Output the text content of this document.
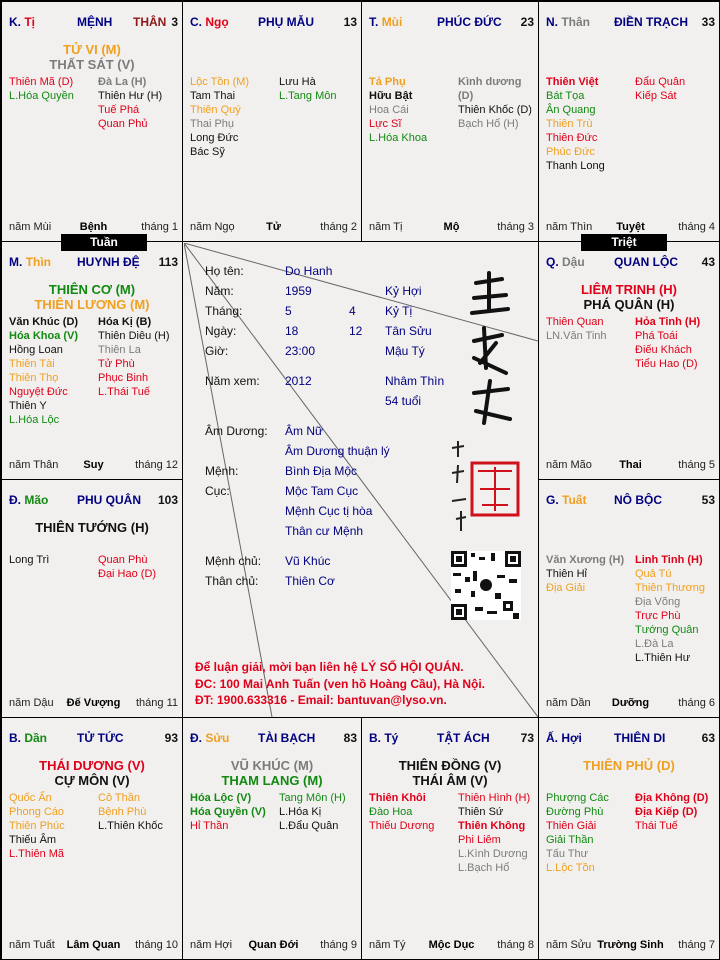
K. Tị	MỆNH THÂN 3
TỬ VI (M)
THẤT SÁT (V)
Thiên Mã (D)
L.Hóa Quyền
Đà La (H)
Thiên Hư (H)
Tuế Phá
Quan Phủ
năm Mùi	Bệnh	tháng 1
C. Ngọ PHỤ MẪU 13
Lộc Tồn (M)
Tam Thai
Thiên Quý
Thai Phụ
Long Đức
Bác Sỹ
Lưu Hà
L.Tang Môn
năm Ngọ	Tử	tháng 2
T. Mùi	PHÚC ĐỨC 23
Tả Phụ
Hữu Bật
Hoa Cái
Lực Sĩ
L.Hóa Khoa
Kình dương (D)
Thiên Khốc (D)
Bạch Hổ (H)
năm Tị	Mộ	tháng 3
N. Thân ĐIỀN TRẠCH 33
Thiên Việt
Bát Tọa
Ân Quang
Thiên Trù
Thiên Đức
Phúc Đức
Thanh Long
Đẩu Quân
Kiếp Sát
năm Thìn	Tuyệt	tháng 4
M. Thìn HUYNH ĐỆ 113
THIÊN CƠ (M)
THIÊN LƯƠNG (M)
Văn Khúc (D)
Hóa Khoa (V)
Hồng Loan
Thiên Tài
Thiên Thọ
Nguyệt Đức
Thiên Y
L.Hóa Lộc
Hóa Kị (B)
Thiên Diêu (H)
Thiên La
Tử Phù
Phục Binh
L.Thái Tuế
năm Thân	Suy	tháng 12
Q. Dậu QUAN LỘC 43
LIÊM TRINH (H)
PHÁ QUÂN (H)
Thiên Quan
LN.Văn Tinh
Hỏa Tinh (H)
Phá Toái
Điếu Khách
Tiểu Hao (D)
năm Mão	Thai	tháng 5
Đ. Mão PHU QUÂN 103
THIÊN TƯỚNG (H)
Long Trì	Quan Phù
Đại Hao (D)
năm Dậu	Đế Vượng	tháng 11
G. Tuất NÔ BỘC	53
Văn Xương (H)
Thiên Hỉ
Địa Giải
Linh Tinh (H)
Quả Tú
Thiên Thương
Địa Võng
Trực Phù
Tướng Quân
L.Đà La
L.Thiên Hư
năm Dần	Dưỡng	tháng 6
B. Dần TỬ TỨC	93
THÁI DƯƠNG (V)
CỰ MÔN (V)
Quốc Ấn
Phong Cáo
Thiên Phúc
Thiếu Âm
L.Thiên Mã
Cô Thần
Bệnh Phù
L.Thiên Khốc
năm Tuất	Lâm Quan	tháng 10
Đ. Sửu TÀI BẠCH 83
VŨ KHÚC (M)
THAM LANG (M)
Hóa Lộc (V)
Hóa Quyền (V)
Hỉ Thần
Tang Môn (H)
L.Hóa Kị
L.Đẩu Quân
năm Hợi	Quan Đới	tháng 9
B. Tý	TẬT ÁCH	73
THIÊN ĐỒNG (V)
THÁI ÂM (V)
Thiên Khôi
Đào Hoa
Thiếu Dương
Thiên Hình (H)
Thiên Sứ
Thiên Không
Phi Liêm
L.Kình Dương
L.Bạch Hổ
năm Tý	Mộc Dục	tháng 8
Ấ. Hợi	THIÊN DI	63
THIÊN PHỦ (D)
Phượng Các
Đường Phù
Thiên Giải
Giải Thần
Tấu Thư
L.Lộc Tồn
Địa Không (D)
Địa Kiếp (D)
Thái Tuế
năm Sửu Trường Sinh	tháng 7
Tuần	Triệt
Họ tên:	Do Hanh
Năm:	1959	Kỷ Hợi
Tháng:	5	4 Kỷ Tị
Ngày:	18	12 Tân Sửu
Giờ:	23:00	Mậu Tý
Năm xem: 2012	Nhâm Thìn
54 tuổi
Âm Dương: Âm Nữ
Âm Dương thuận lý
Mệnh:	Bình Địa Mộc
Cục:	Mộc Tam Cục
Mệnh Cục tị hòa
Thân cư Mệnh
Mệnh chủ: Vũ Khúc
Thân chủ: Thiên Cơ
Để luận giải, mời bạn liên hệ LÝ SỐ HỘI QUÁN.
ĐC: 100 Mai Anh Tuấn (ven hồ Hoàng Cầu), Hà Nội.
ĐT: 1900.633316 - Email: bantuvan@lyso.vn.
